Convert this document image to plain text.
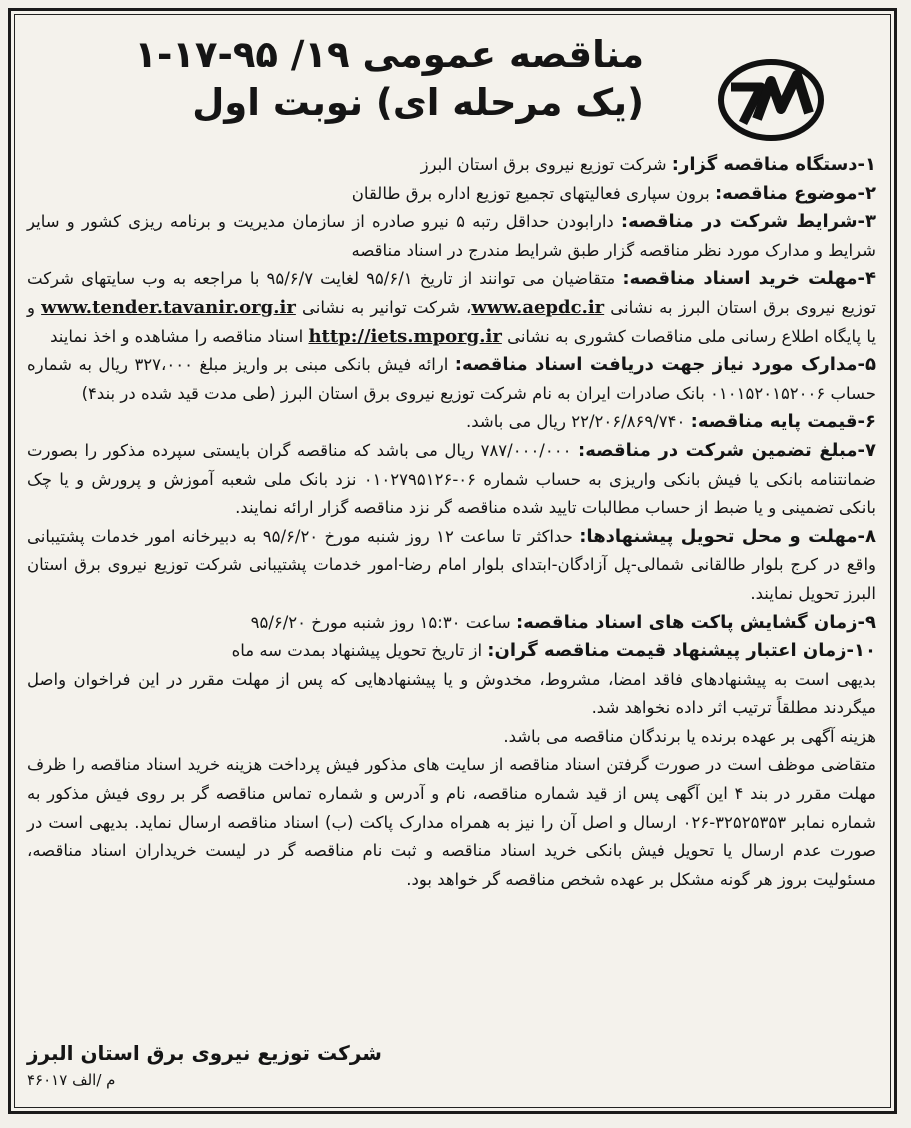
مناقصه عمومی ۱۹/ ۹۵-۱۷-۱
(یک مرحله ای) نوبت اول

۱-دستگاه مناقصه گزار: شرکت توزیع نیروی برق استان البرز

۲-موضوع مناقصه: برون سپاری فعالیتهای تجمیع توزیع اداره برق طالقان

۳-شرایط شرکت در مناقصه: دارابودن حداقل رتبه ۵ نیرو صادره از سازمان مدیریت و برنامه ریزی کشور و سایر شرایط و مدارک مورد نظر مناقصه گزار طبق شرایط مندرج در اسناد مناقصه

۴-مهلت خرید اسناد مناقصه: متقاضیان می توانند از تاریخ ۹۵/۶/۱ لغایت ۹۵/۶/۷ با مراجعه به وب سایتهای شرکت توزیع نیروی برق استان البرز به نشانی www.aepdc.ir، شرکت توانیر به نشانی www.tender.tavanir.org.ir و یا پایگاه اطلاع رسانی ملی مناقصات کشوری به نشانی http://iets.mporg.ir اسناد مناقصه را مشاهده و اخذ نمایند

۵-مدارک مورد نیاز جهت دریافت اسناد مناقصه: ارائه فیش بانکی مبنی بر واریز مبلغ ۳۲۷،۰۰۰ ریال به شماره حساب ۰۱۰۱۵۲۰۱۵۲۰۰۶ بانک صادرات ایران به نام شرکت توزیع نیروی برق استان البرز (طی مدت قید شده در بند۴)

۶-قیمت پایه مناقصه: ۲۲/۲۰۶/۸۶۹/۷۴۰ ریال می باشد.

۷-مبلغ تضمین شرکت در مناقصه: ۷۸۷/۰۰۰/۰۰۰ ریال می باشد که مناقصه گران بایستی سپرده مذکور را بصورت ضمانتنامه بانکی یا فیش بانکی واریزی به حساب شماره ۰۶-۰۱۰۲۷۹۵۱۲۶ نزد بانک ملی شعبه آموزش و پرورش و یا چک بانکی تضمینی و یا ضبط از حساب مطالبات تایید شده مناقصه گر نزد مناقصه گزار ارائه نمایند.

۸-مهلت و محل تحویل پیشنهادها: حداکثر تا ساعت ۱۲ روز شنبه مورخ ۹۵/۶/۲۰ به دبیرخانه امور خدمات پشتیبانی واقع در کرج بلوار طالقانی شمالی-پل آزادگان-ابتدای بلوار امام رضا-امور خدمات پشتیبانی شرکت توزیع نیروی برق استان البرز تحویل نمایند.

۹-زمان گشایش پاکت های اسناد مناقصه: ساعت ۱۵:۳۰ روز شنبه مورخ ۹۵/۶/۲۰

۱۰-زمان اعتبار پیشنهاد قیمت مناقصه گران: از تاریخ تحویل پیشنهاد بمدت سه ماه

بدیهی است به پیشنهادهای فاقد امضا، مشروط، مخدوش و یا پیشنهادهایی که پس از مهلت مقرر در این فراخوان واصل میگردند مطلقاً ترتیب اثر داده نخواهد شد.

هزینه آگهی بر عهده برنده یا برندگان مناقصه می باشد.

متقاضی موظف است در صورت گرفتن اسناد مناقصه از سایت های مذکور فیش پرداخت هزینه خرید اسناد مناقصه را ظرف مهلت مقرر در بند ۴ این آگهی پس از قید شماره مناقصه، نام و آدرس و شماره تماس مناقصه گر بر روی فیش مذکور به شماره نمابر ۳۲۵۲۵۳۵۳-۰۲۶ ارسال و اصل آن را نیز به همراه مدارک پاکت (ب) اسناد مناقصه ارسال نماید. بدیهی است در صورت عدم ارسال یا تحویل فیش بانکی خرید اسناد مناقصه و ثبت نام مناقصه گر در لیست خریداران اسناد مناقصه، مسئولیت بروز هر گونه مشکل بر عهده شخص مناقصه گر خواهد بود.

شرکت توزیع نیروی برق استان البرز
م /الف ۴۶۰۱۷
